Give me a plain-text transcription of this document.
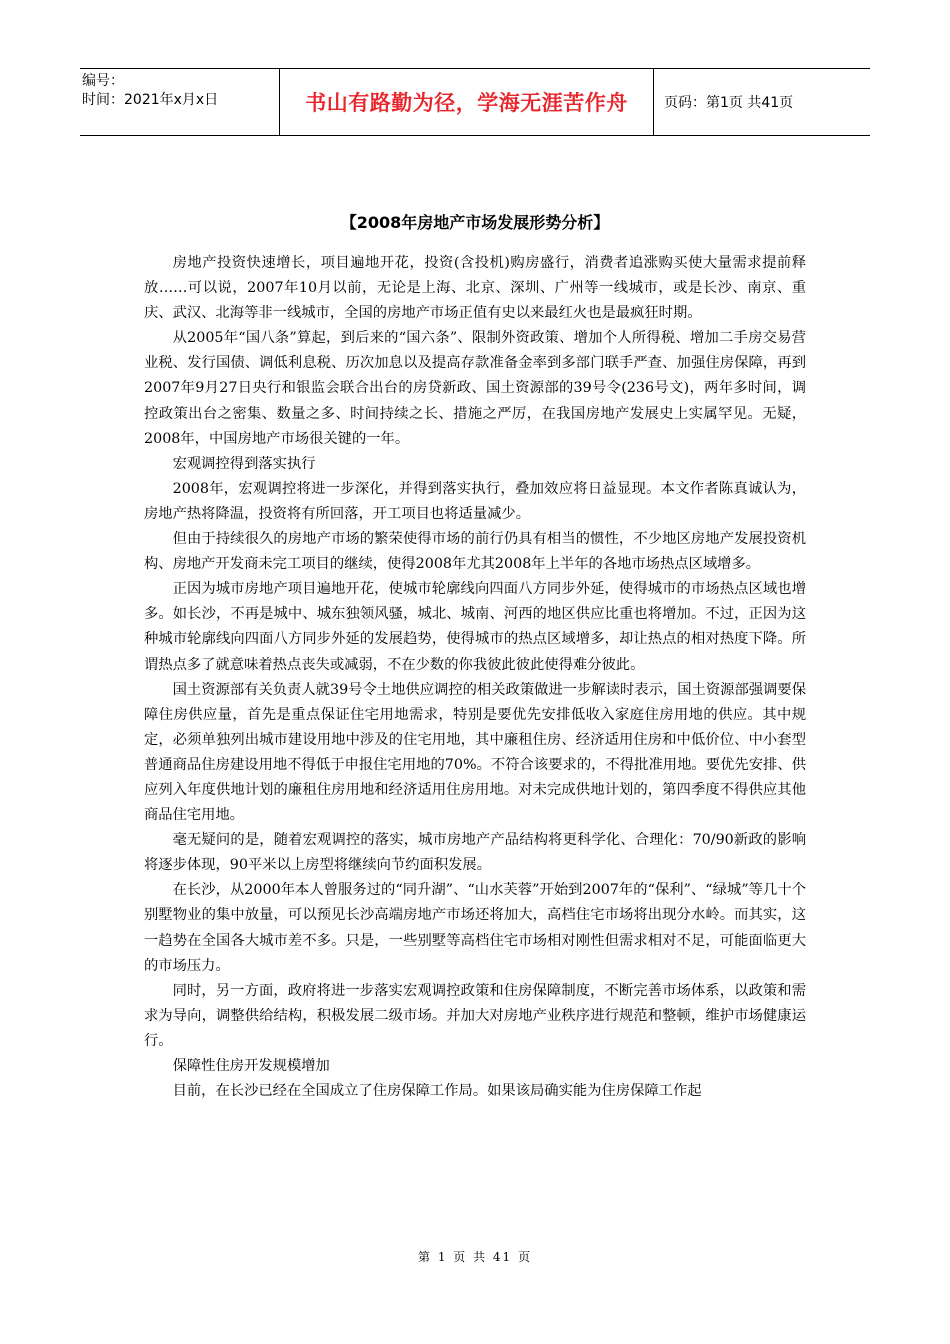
编号：
时间：2021年x月x日	书山有路勤为径，学海无涯苦作舟	页码：第1页 共41页
【2008年房地产市场发展形势分析】

房地产投资快速增长，项目遍地开花，投资(含投机)购房盛行，消费者追涨购买使大量需求提前释放……可以说，2007年10月以前，无论是上海、北京、深圳、广州等一线城市，或是长沙、南京、重庆、武汉、北海等非一线城市，全国的房地产市场正值有史以来最红火也是最疯狂时期。

从2005年“国八条”算起，到后来的“国六条”、限制外资政策、增加个人所得税、增加二手房交易营业税、发行国债、调低利息税、历次加息以及提高存款准备金率到多部门联手严查、加强住房保障，再到2007年9月27日央行和银监会联合出台的房贷新政、国土资源部的39号令(236号文)，两年多时间，调控政策出台之密集、数量之多、时间持续之长、措施之严厉，在我国房地产发展史上实属罕见。无疑，2008年，中国房地产市场很关键的一年。

宏观调控得到落实执行

2008年，宏观调控将进一步深化，并得到落实执行，叠加效应将日益显现。本文作者陈真诚认为，房地产热将降温，投资将有所回落，开工项目也将适量减少。

但由于持续很久的房地产市场的繁荣使得市场的前行仍具有相当的惯性，不少地区房地产发展投资机构、房地产开发商未完工项目的继续，使得2008年尤其2008年上半年的各地市场热点区域增多。

正因为城市房地产项目遍地开花，使城市轮廓线向四面八方同步外延，使得城市的市场热点区域也增多。如长沙，不再是城中、城东独领风骚，城北、城南、河西的地区供应比重也将增加。不过，正因为这种城市轮廓线向四面八方同步外延的发展趋势，使得城市的热点区域增多，却让热点的相对热度下降。所谓热点多了就意味着热点丧失或减弱，不在少数的你我彼此彼此使得难分彼此。

国土资源部有关负责人就39号令土地供应调控的相关政策做进一步解读时表示，国土资源部强调要保障住房供应量，首先是重点保证住宅用地需求，特别是要优先安排低收入家庭住房用地的供应。其中规定，必须单独列出城市建设用地中涉及的住宅用地，其中廉租住房、经济适用住房和中低价位、中小套型普通商品住房建设用地不得低于申报住宅用地的70%。不符合该要求的，不得批准用地。要优先安排、供应列入年度供地计划的廉租住房用地和经济适用住房用地。对未完成供地计划的，第四季度不得供应其他商品住宅用地。

毫无疑问的是，随着宏观调控的落实，城市房地产产品结构将更科学化、合理化：70/90新政的影响将逐步体现，90平米以上房型将继续向节约面积发展。

在长沙，从2000年本人曾服务过的“同升湖”、“山水芙蓉”开始到2007年的“保利”、“绿城”等几十个别墅物业的集中放量，可以预见长沙高端房地产市场还将加大，高档住宅市场将出现分水岭。而其实，这一趋势在全国各大城市差不多。只是，一些别墅等高档住宅市场相对刚性但需求相对不足，可能面临更大的市场压力。

同时，另一方面，政府将进一步落实宏观调控政策和住房保障制度，不断完善市场体系，以政策和需求为导向，调整供给结构，积极发展二级市场。并加大对房地产业秩序进行规范和整顿，维护市场健康运行。

保障性住房开发规模增加

目前，在长沙已经在全国成立了住房保障工作局。如果该局确实能为住房保障工作起

第 1 页 共 41 页
